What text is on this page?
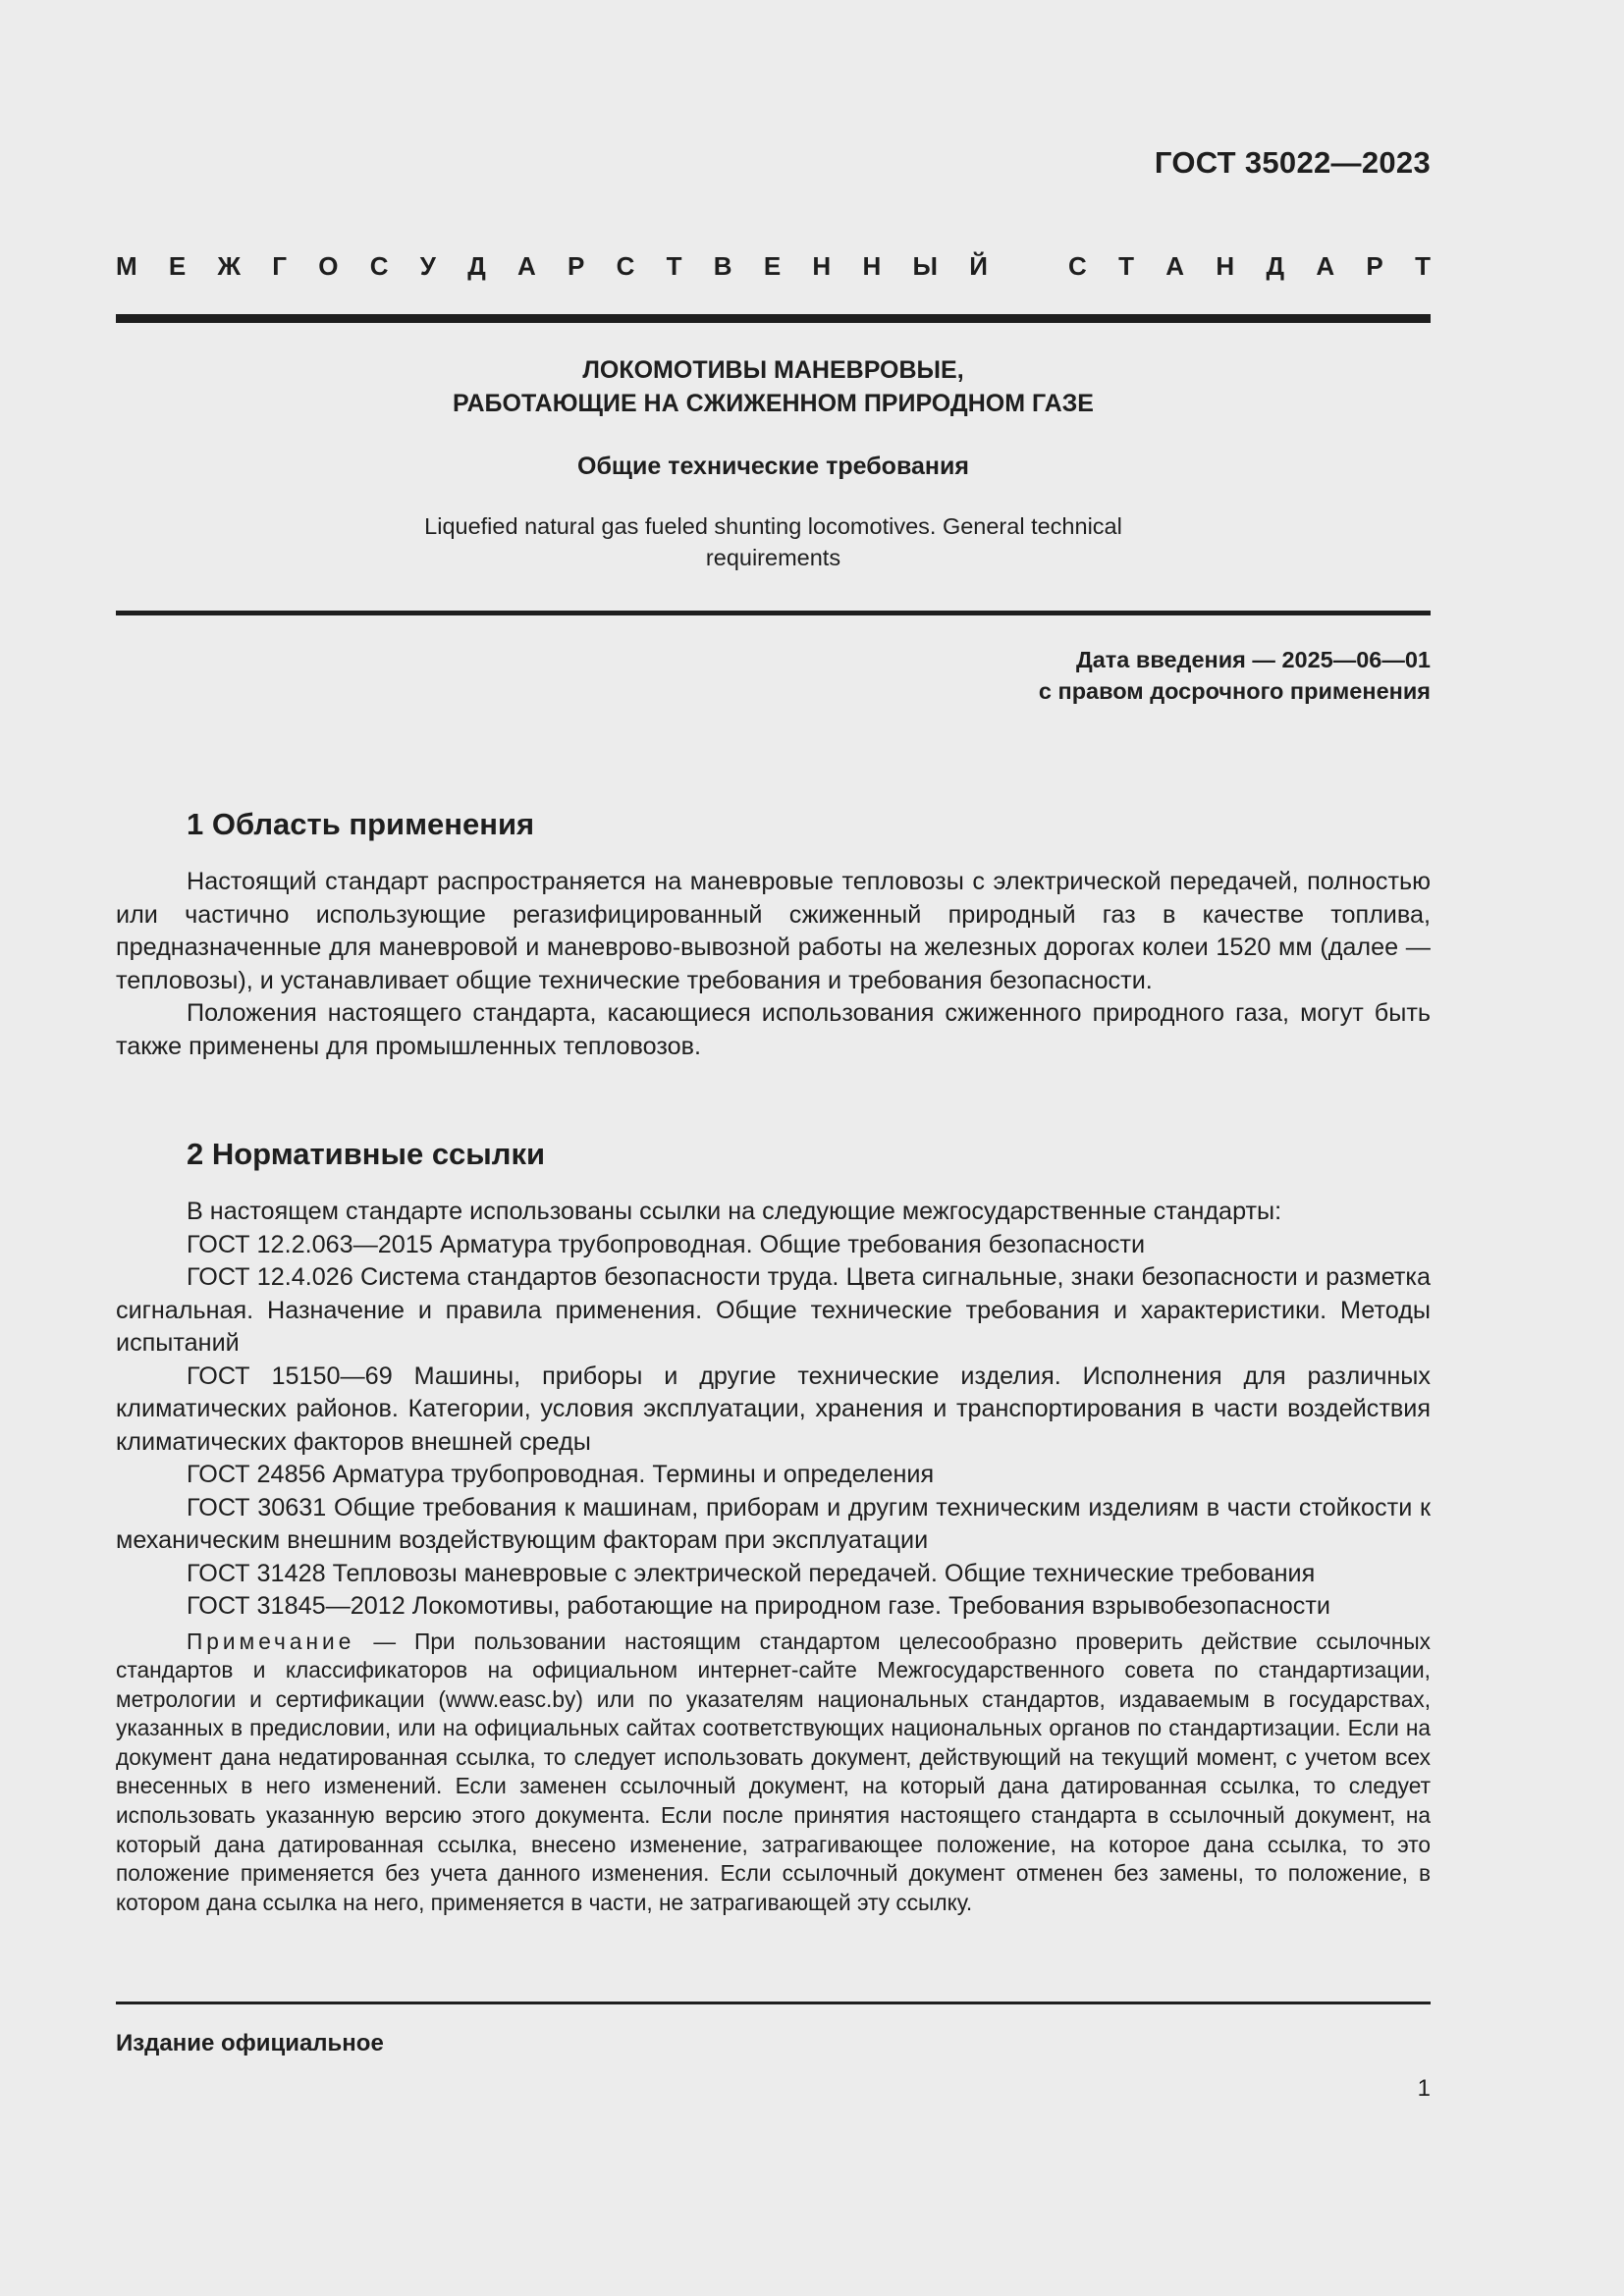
ГОСТ 35022—2023
М Е Ж Г О С У Д А Р С Т В Е Н Н Ы Й	С Т А Н Д А Р Т
ЛОКОМОТИВЫ МАНЕВРОВЫЕ,
РАБОТАЮЩИЕ НА СЖИЖЕННОМ ПРИРОДНОМ ГАЗЕ
Общие технические требования
Liquefied natural gas fueled shunting locomotives. General technical requirements
Дата введения — 2025—06—01
с правом досрочного применения
1 Область применения

Настоящий стандарт распространяется на маневровые тепловозы с электрической передачей, полностью или частично использующие регазифицированный сжиженный природный газ в качестве топлива, предназначенные для маневровой и маневрово-вывозной работы на железных дорогах колеи 1520 мм (далее — тепловозы), и устанавливает общие технические требования и требования безопасности.

Положения настоящего стандарта, касающиеся использования сжиженного природного газа, могут быть также применены для промышленных тепловозов.

2 Нормативные ссылки

В настоящем стандарте использованы ссылки на следующие межгосударственные стандарты:

ГОСТ 12.2.063—2015 Арматура трубопроводная. Общие требования безопасности

ГОСТ 12.4.026 Система стандартов безопасности труда. Цвета сигнальные, знаки безопасности и разметка сигнальная. Назначение и правила применения. Общие технические требования и характеристики. Методы испытаний

ГОСТ 15150—69 Машины, приборы и другие технические изделия. Исполнения для различных климатических районов. Категории, условия эксплуатации, хранения и транспортирования в части воздействия климатических факторов внешней среды

ГОСТ 24856 Арматура трубопроводная. Термины и определения

ГОСТ 30631 Общие требования к машинам, приборам и другим техническим изделиям в части стойкости к механическим внешним воздействующим факторам при эксплуатации

ГОСТ 31428 Тепловозы маневровые с электрической передачей. Общие технические требования

ГОСТ 31845—2012 Локомотивы, работающие на природном газе. Требования взрывобезопасности

Примечание — При пользовании настоящим стандартом целесообразно проверить действие ссылочных стандартов и классификаторов на официальном интернет-сайте Межгосударственного совета по стандартизации, метрологии и сертификации (www.easc.by) или по указателям национальных стандартов, издаваемым в государствах, указанных в предисловии, или на официальных сайтах соответствующих национальных органов по стандартизации. Если на документ дана недатированная ссылка, то следует использовать документ, действующий на текущий момент, с учетом всех внесенных в него изменений. Если заменен ссылочный документ, на который дана датированная ссылка, то следует использовать указанную версию этого документа. Если после принятия настоящего стандарта в ссылочный документ, на который дана датированная ссылка, внесено изменение, затрагивающее положение, на которое дана ссылка, то это положение применяется без учета данного изменения. Если ссылочный документ отменен без замены, то положение, в котором дана ссылка на него, применяется в части, не затрагивающей эту ссылку.
Издание официальное
1
